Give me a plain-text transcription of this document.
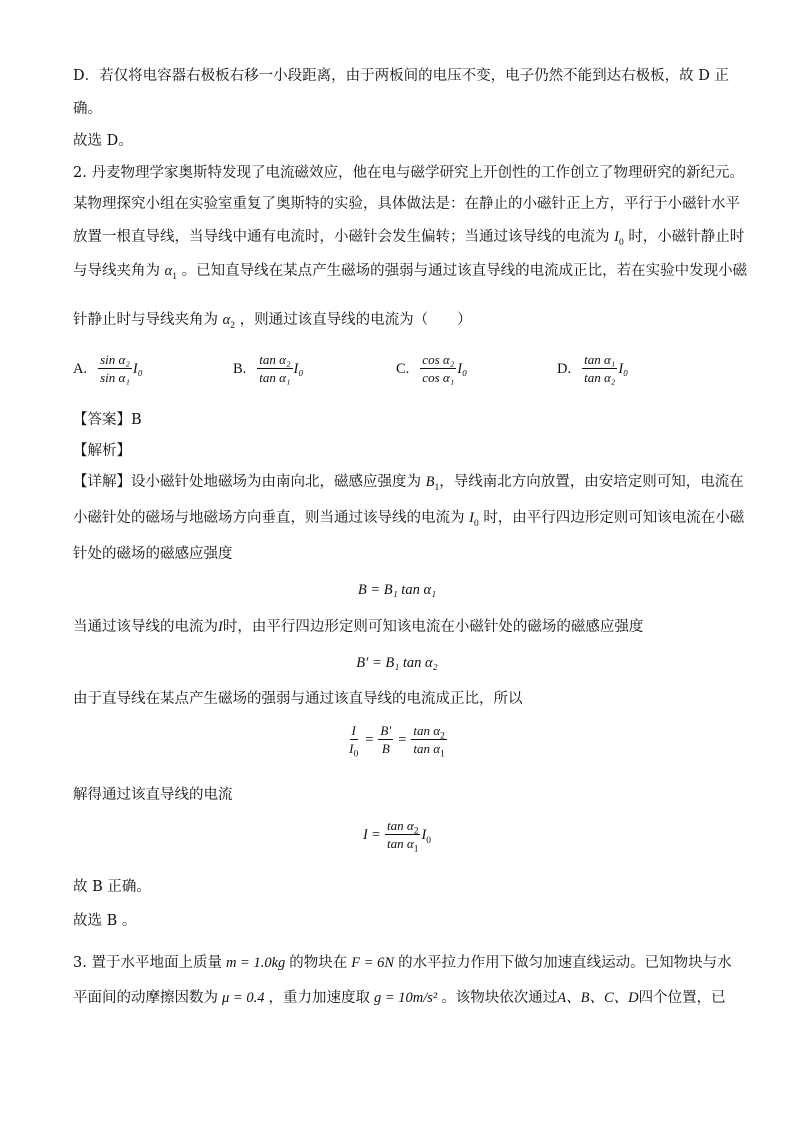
D．若仅将电容器右极板右移一小段距离，由于两板间的电压不变，电子仍然不能到达右极板，故 D 正
确。
故选 D。
2. 丹麦物理学家奥斯特发现了电流磁效应，他在电与磁学研究上开创性的工作创立了物理研究的新纪元。
某物理探究小组在实验室重复了奥斯特的实验，具体做法是：在静止的小磁针正上方，平行于小磁针水平
放置一根直导线，当导线中通有电流时，小磁针会发生偏转；当通过该导线的电流为 $I_0$ 时，小磁针静止时
与导线夹角为 $\alpha_1$ 。已知直导线在某点产生磁场的强弱与通过该直导线的电流成正比，若在实验中发现小磁
针静止时与导线夹角为 $\alpha_2$ ，则通过该直导线的电流为（　　）
A. $\frac{\text{sin α₂}}{\text{sin α₁}} I_0$	B. $\frac{\text{tan α₂}}{\text{tan α₁}} I_0$	C. $\frac{\text{cos α₂}}{\text{cos α₁}} I_0$	D. $\frac{\text{tan α₁}}{\text{tan α₂}} I_0$
【答案】B
【解析】
【详解】设小磁针处地磁场为由南向北，磁感应强度为 $B_1$，导线南北方向放置，由安培定则可知，电流在
小磁针处的磁场与地磁场方向垂直，则当通过该导线的电流为 $I_0$ 时，由平行四边形定则可知该电流在小磁
针处的磁场的磁感应强度
B = B₁ tan α₁
当通过该导线的电流为I时，由平行四边形定则可知该电流在小磁针处的磁场的磁感应强度
B′ = B₁ tan α₂
由于直导线在某点产生磁场的强弱与通过该直导线的电流成正比，所以
$\frac{I}{I_0} = \frac{B'}{B} = \frac{\tan \alpha_2}{\tan \alpha_1}$
解得通过该直导线的电流
$I = \frac{\tan \alpha_2}{\tan \alpha_1} I_0$
故 B 正确。
故选 B 。
3. 置于水平地面上质量 m = 1.0kg 的物块在 F = 6N 的水平拉力作用下做匀加速直线运动。已知物块与水
平面间的动摩擦因数为 μ = 0.4 ，重力加速度取 g = 10m/s² 。该物块依次通过A、B、C、D四个位置，已
